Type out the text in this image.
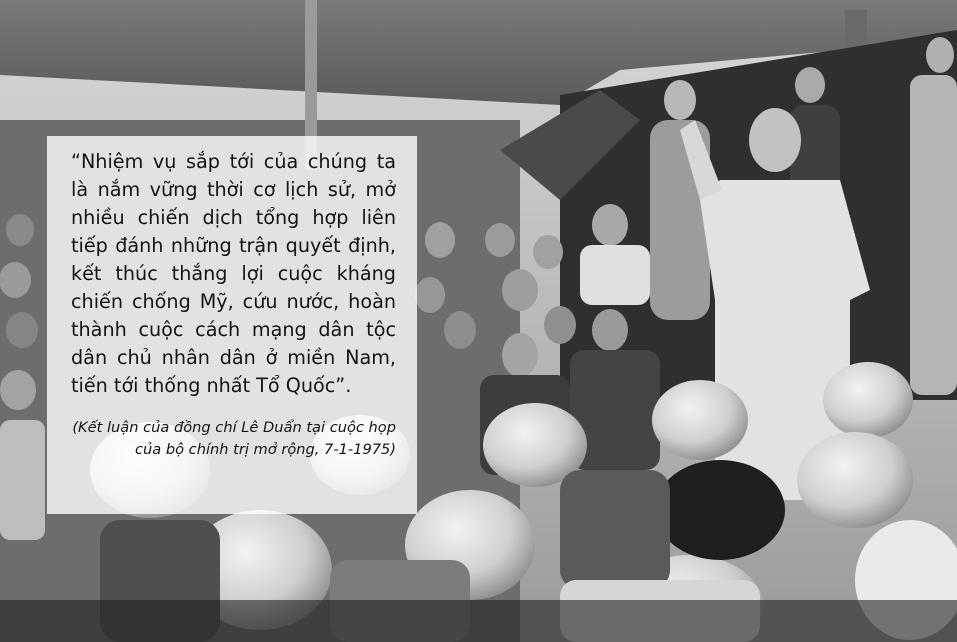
“Nhiệm vụ sắp tới của chúng ta là nắm vững thời cơ lịch sử, mở nhiều chiến dịch tổng hợp liên tiếp đánh những trận quyết định, kết thúc thắng lợi cuộc kháng chiến chống Mỹ, cứu nước, hoàn thành cuộc cách mạng dân tộc dân chủ nhân dân ở miền Nam, tiến tới thống nhất Tổ Quốc”.

(Kết luận của đồng chí Lê Duẩn tại cuộc họp của bộ chính trị mở rộng, 7-1-1975)
